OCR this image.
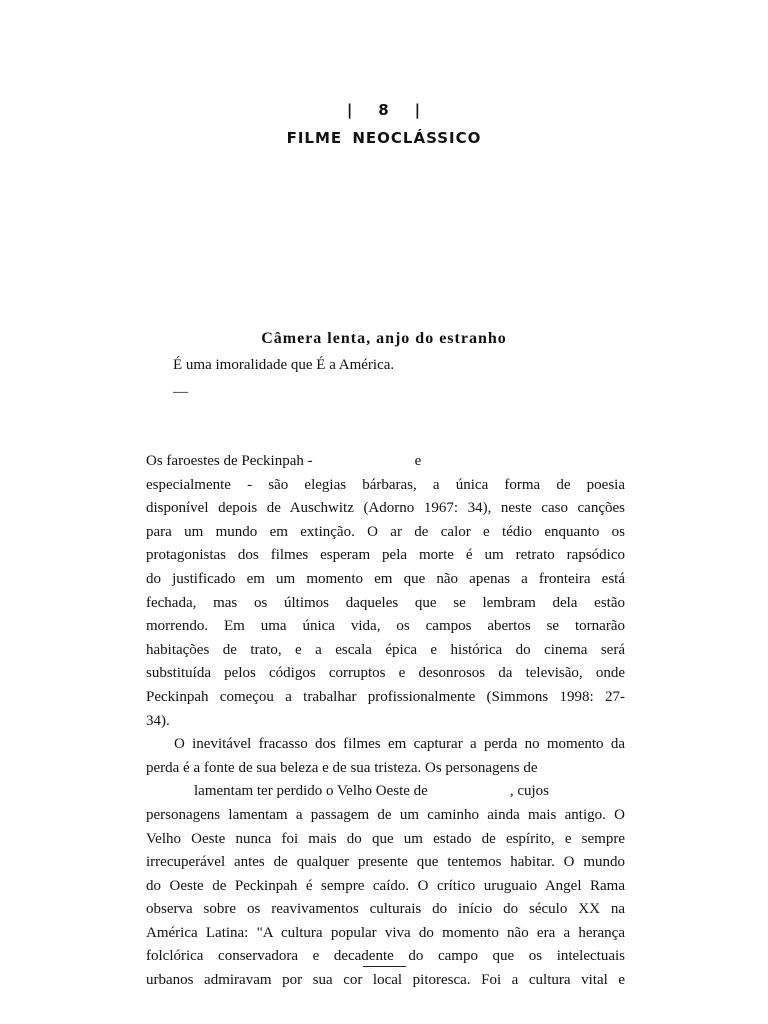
|    8    |
FILME NEOCLÁSSICO
Câmera lenta, anjo do estranho
É uma imoralidade que É a América.
—
Os faroestes de Peckinpah -	e
especialmente - são elegias bárbaras, a única forma de poesia
disponível depois de Auschwitz (Adorno 1967: 34), neste caso canções
para um mundo em extinção. O ar de calor e tédio enquanto os
protagonistas dos filmes esperam pela morte é um retrato rapsódico
do justificado em um momento em que não apenas a fronteira está
fechada, mas os últimos daqueles que se lembram dela estão
morrendo. Em uma única vida, os campos abertos se tornarão
habitações de trato, e a escala épica e histórica do cinema será
substituída pelos códigos corruptos e desonrosos da televisão, onde
Peckinpah começou a trabalhar profissionalmente (Simmons 1998: 27-
34).
O inevitável fracasso dos filmes em capturar a perda no momento da
perda é a fonte de sua beleza e de sua tristeza. Os personagens de
lamentam ter perdido o Velho Oeste de	, cujos
personagens lamentam a passagem de um caminho ainda mais antigo. O
Velho Oeste nunca foi mais do que um estado de espírito, e sempre
irrecuperável antes de qualquer presente que tentemos habitar. O mundo
do Oeste de Peckinpah é sempre caído. O crítico uruguaio Angel Rama
observa sobre os reavivamentos culturais do início do século XX na
América Latina: "A cultura popular viva do momento não era a herança
folclórica conservadora e decadente do campo que os intelectuais
urbanos admiravam por sua cor local pitoresca. Foi a cultura vital e
